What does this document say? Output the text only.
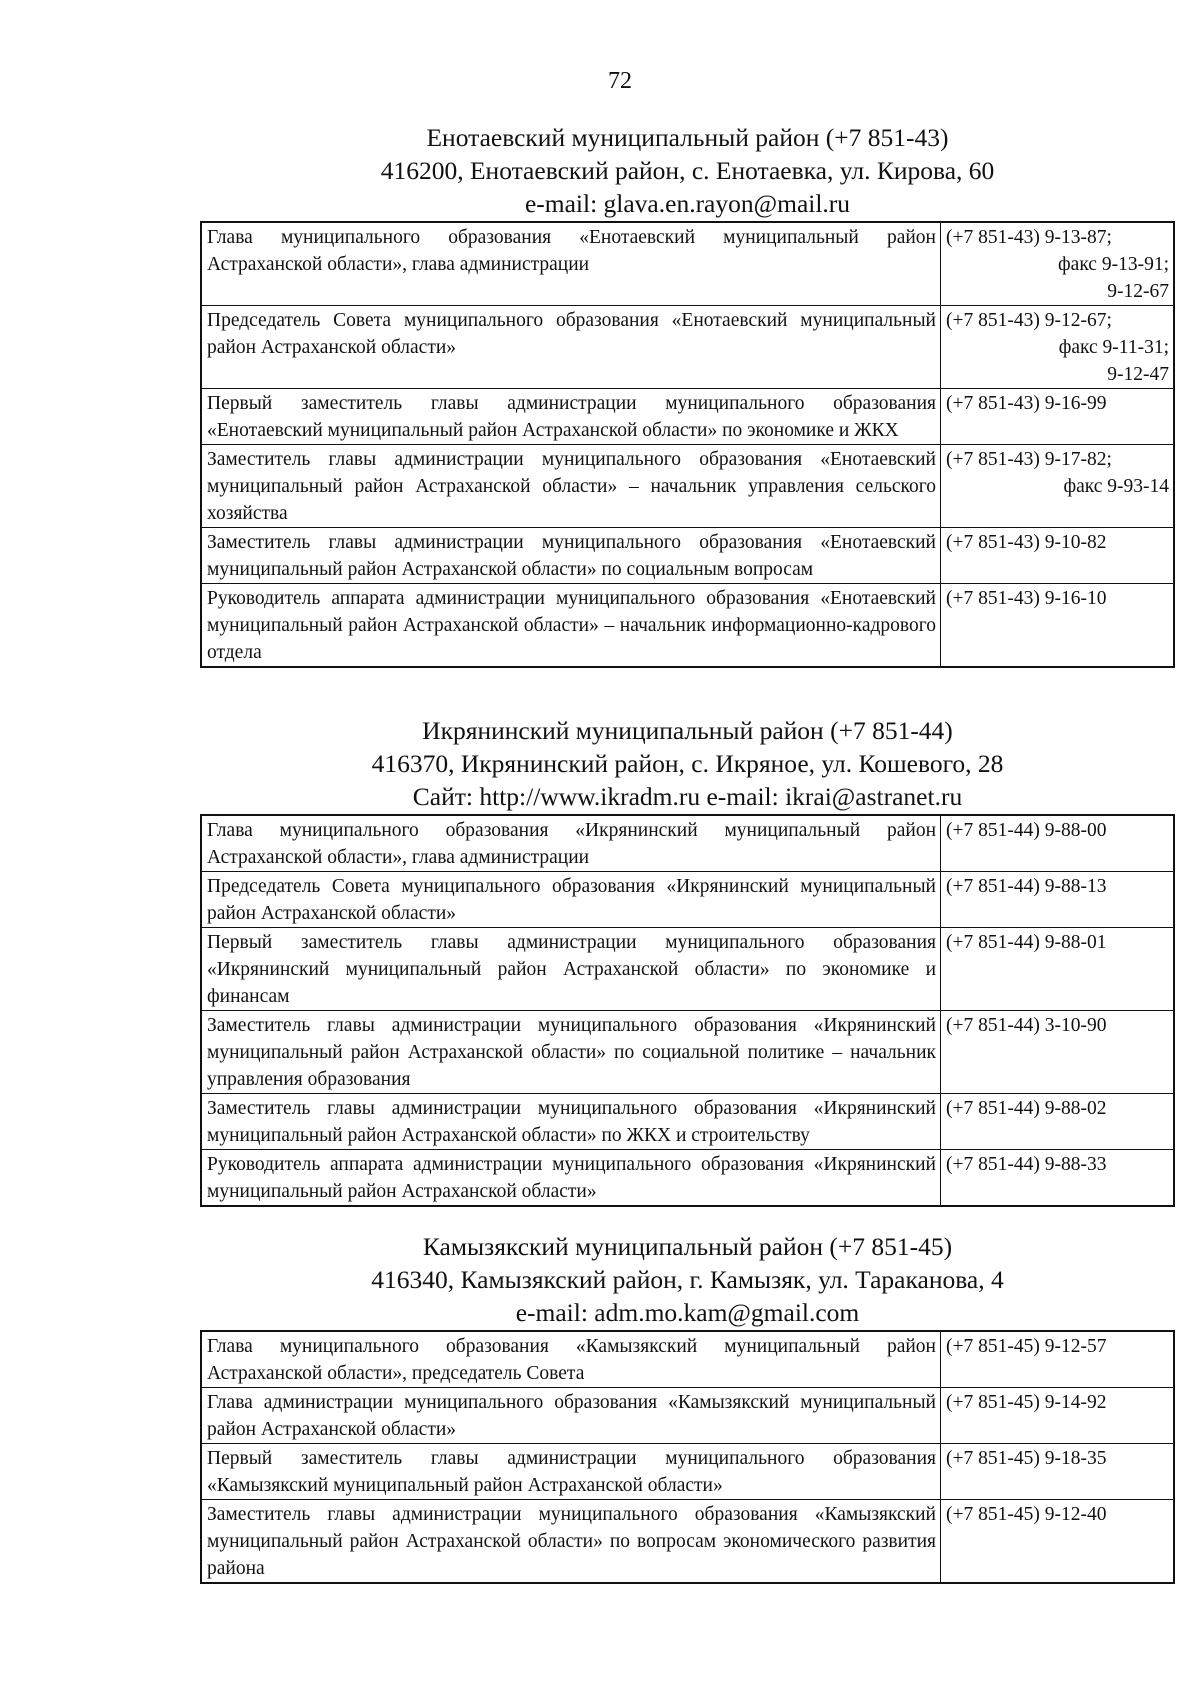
72
Енотаевский муниципальный район (+7 851-43)
416200, Енотаевский район, с. Енотаевка, ул. Кирова, 60
e-mail: glava.en.rayon@mail.ru
Глава муниципального образования «Енотаевский муниципальный район Астраханской области», глава администрации	(+7 851-43) 9-13-87;
факс 9-13-91;
9-12-67

Председатель Совета муниципального образования «Енотаевский муниципальный район Астраханской области»	(+7 851-43) 9-12-67;
факс 9-11-31;
9-12-47

Первый заместитель главы администрации муниципального образования «Енотаевский муниципальный район Астраханской области» по экономике и ЖКХ	(+7 851-43) 9-16-99

Заместитель главы администрации муниципального образования «Енотаевский муниципальный район Астраханской области» – начальник управления сельского хозяйства	(+7 851-43) 9-17-82;
факс 9-93-14

Заместитель главы администрации муниципального образования «Енотаевский муниципальный район Астраханской области» по социальным вопросам	(+7 851-43) 9-10-82

Руководитель аппарата администрации муниципального образования «Енотаевский муниципальный район Астраханской области» – начальник информационно-кадрового отдела	(+7 851-43) 9-16-10
Икрянинский муниципальный район (+7 851-44)
416370, Икрянинский район, с. Икряное, ул. Кошевого, 28
Сайт: http://www.ikradm.ru e-mail: ikrai@astranet.ru
Глава муниципального образования «Икрянинский муниципальный район Астраханской области», глава администрации	(+7 851-44) 9-88-00

Председатель Совета муниципального образования «Икрянинский муниципальный район Астраханской области»	(+7 851-44) 9-88-13

Первый заместитель главы администрации муниципального образования «Икрянинский муниципальный район Астраханской области» по экономике и финансам	(+7 851-44) 9-88-01

Заместитель главы администрации муниципального образования «Икрянинский муниципальный район Астраханской области» по социальной политике – начальник управления образования	(+7 851-44) 3-10-90

Заместитель главы администрации муниципального образования «Икрянинский муниципальный район Астраханской области» по ЖКХ и строительству	(+7 851-44) 9-88-02

Руководитель аппарата администрации муниципального образования «Икрянинский муниципальный район Астраханской области»	(+7 851-44) 9-88-33
Камызякский муниципальный район (+7 851-45)
416340, Камызякский район, г. Камызяк, ул. Тараканова, 4
e-mail: adm.mo.kam@gmail.com
Глава муниципального образования «Камызякский муниципальный район Астраханской области», председатель Совета	(+7 851-45) 9-12-57

Глава администрации муниципального образования «Камызякский муниципальный район Астраханской области»	(+7 851-45) 9-14-92

Первый заместитель главы администрации муниципального образования «Камызякский муниципальный район Астраханской области»	(+7 851-45) 9-18-35

Заместитель главы администрации муниципального образования «Камызякский муниципальный район Астраханской области» по вопросам экономического развития района	(+7 851-45) 9-12-40
